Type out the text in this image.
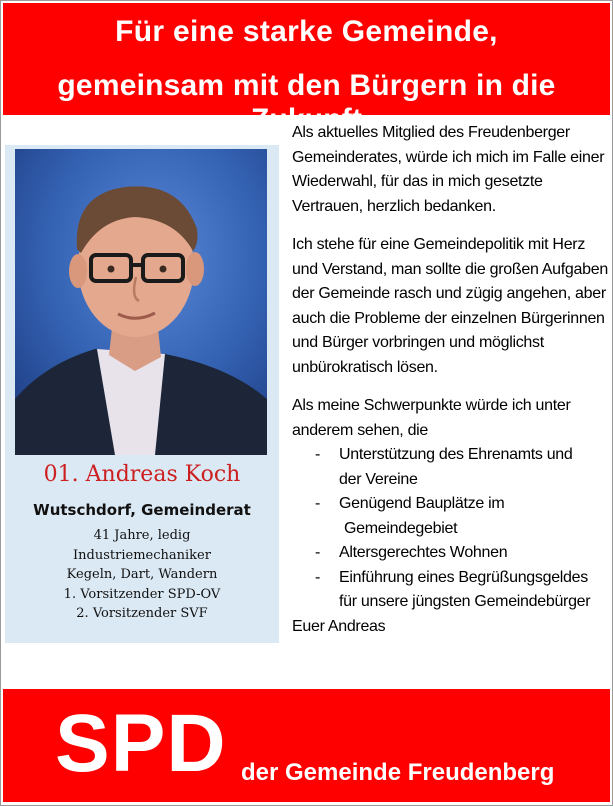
Für eine starke Gemeinde,
gemeinsam mit den Bürgern in die Zukunft
01. Andreas Koch
Wutschdorf, Gemeinderat
41 Jahre, ledig
Industriemechaniker
Kegeln, Dart, Wandern
1. Vorsitzender SPD-OV
2. Vorsitzender SVF

Als aktuelles Mitglied des Freudenberger Gemeinderates, würde ich mich im Falle einer Wiederwahl, für das in mich gesetzte Vertrauen, herzlich bedanken.

Ich stehe für eine Gemeindepolitik mit Herz und Verstand, man sollte die großen Aufgaben der Gemeinde rasch und zügig angehen, aber auch die Probleme der einzelnen Bürgerinnen und Bürger vorbringen und möglichst unbürokratisch lösen.

Als meine Schwerpunkte würde ich unter anderem sehen, die
- Unterstützung des Ehrenamts und
der Vereine
- Genügend Bauplätze im
Gemeindegebiet
- Altersgerechtes Wohnen
- Einführung eines Begrüßungsgeldes
für unsere jüngsten Gemeindebürger
Euer Andreas
SPD der Gemeinde Freudenberg
